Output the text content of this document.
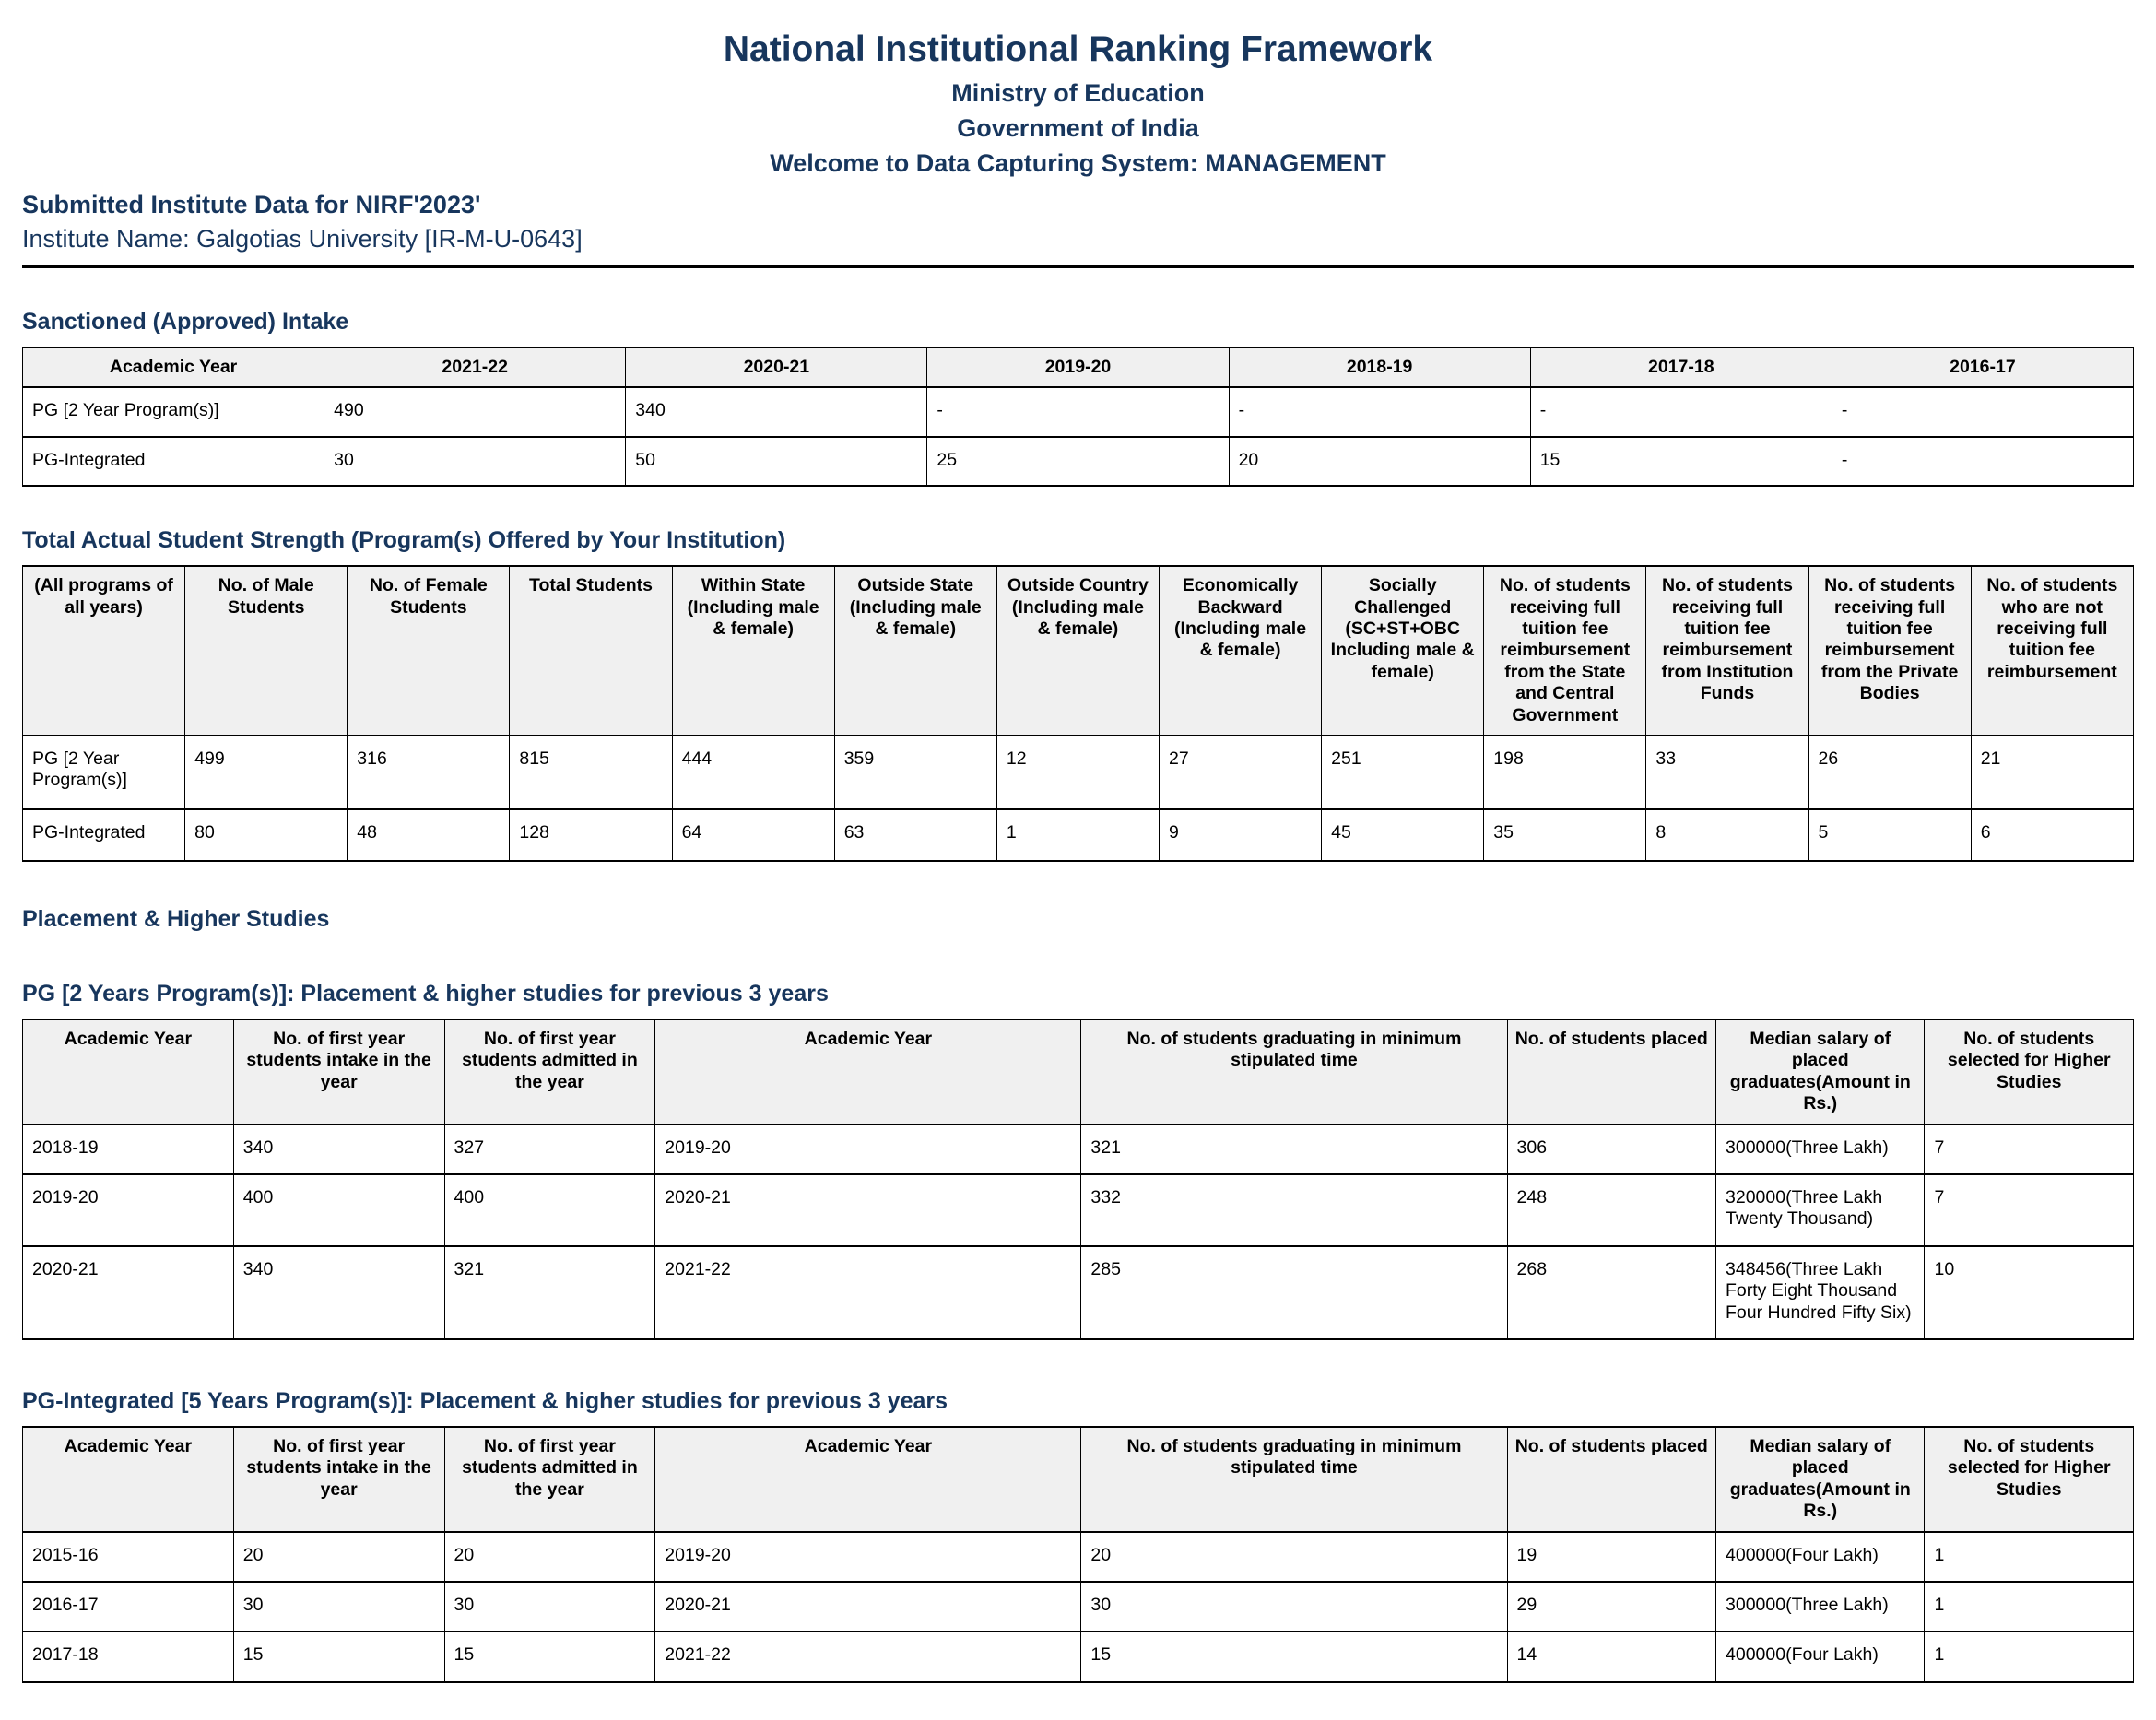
National Institutional Ranking Framework
Ministry of Education
Government of India
Welcome to Data Capturing System: MANAGEMENT
Submitted Institute Data for NIRF'2023'
Institute Name: Galgotias University [IR-M-U-0643]
Sanctioned (Approved) Intake
Academic Year	2021-22	2020-21	2019-20	2018-19	2017-18	2016-17
PG [2 Year Program(s)]	490	340	-	-	-	-
PG-Integrated	30	50	25	20	15	-
Total Actual Student Strength (Program(s) Offered by Your Institution)
(All programs of all years)	No. of Male Students	No. of Female Students	Total Students	Within State (Including male & female)	Outside State (Including male & female)	Outside Country (Including male & female)	Economically Backward (Including male & female)	Socially Challenged (SC+ST+OBC Including male & female)	No. of students receiving full tuition fee reimbursement from the State and Central Government	No. of students receiving full tuition fee reimbursement from Institution Funds	No. of students receiving full tuition fee reimbursement from the Private Bodies	No. of students who are not receiving full tuition fee reimbursement
PG [2 Year Program(s)]	499	316	815	444	359	12	27	251	198	33	26	21
PG-Integrated	80	48	128	64	63	1	9	45	35	8	5	6
Placement & Higher Studies
PG [2 Years Program(s)]: Placement & higher studies for previous 3 years
Academic Year	No. of first year students intake in the year	No. of first year students admitted in the year	Academic Year	No. of students graduating in minimum stipulated time	No. of students placed	Median salary of placed graduates(Amount in Rs.)	No. of students selected for Higher Studies
2018-19	340	327	2019-20	321	306	300000(Three Lakh)	7
2019-20	400	400	2020-21	332	248	320000(Three Lakh Twenty Thousand)	7
2020-21	340	321	2021-22	285	268	348456(Three Lakh Forty Eight Thousand Four Hundred Fifty Six)	10
PG-Integrated [5 Years Program(s)]: Placement & higher studies for previous 3 years
Academic Year	No. of first year students intake in the year	No. of first year students admitted in the year	Academic Year	No. of students graduating in minimum stipulated time	No. of students placed	Median salary of placed graduates(Amount in Rs.)	No. of students selected for Higher Studies
2015-16	20	20	2019-20	20	19	400000(Four Lakh)	1
2016-17	30	30	2020-21	30	29	300000(Three Lakh)	1
2017-18	15	15	2021-22	15	14	400000(Four Lakh)	1
